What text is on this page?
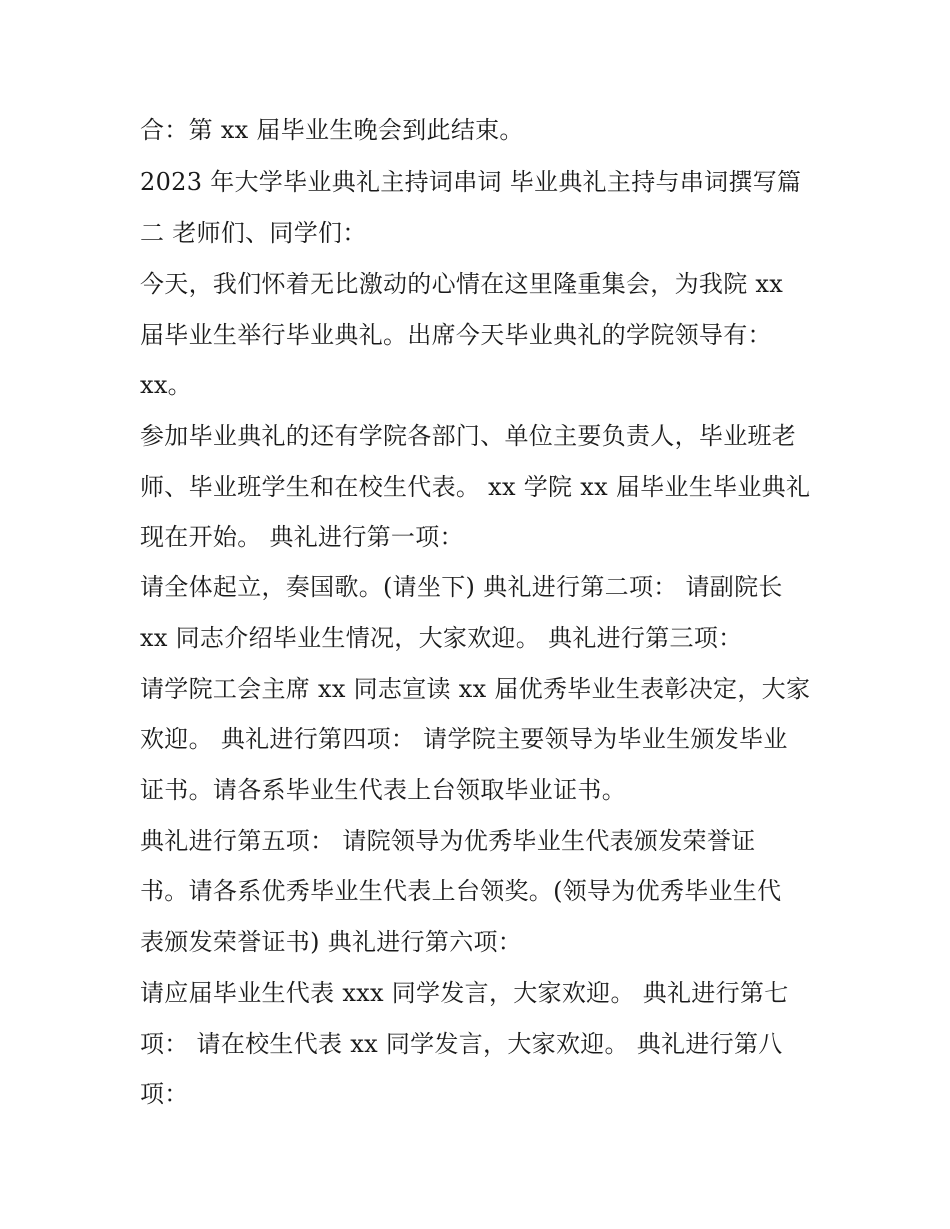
合：第 xx 届毕业生晚会到此结束。
2023 年大学毕业典礼主持词串词 毕业典礼主持与串词撰写篇
二 老师们、同学们：
今天，我们怀着无比激动的心情在这里隆重集会，为我院 xx
届毕业生举行毕业典礼。出席今天毕业典礼的学院领导有：
xx。
参加毕业典礼的还有学院各部门、单位主要负责人，毕业班老
师、毕业班学生和在校生代表。 xx 学院 xx 届毕业生毕业典礼
现在开始。 典礼进行第一项：
请全体起立，奏国歌。(请坐下) 典礼进行第二项： 请副院长
xx 同志介绍毕业生情况，大家欢迎。 典礼进行第三项：
请学院工会主席 xx 同志宣读 xx 届优秀毕业生表彰决定，大家
欢迎。 典礼进行第四项： 请学院主要领导为毕业生颁发毕业
证书。请各系毕业生代表上台领取毕业证书。
典礼进行第五项： 请院领导为优秀毕业生代表颁发荣誉证
书。请各系优秀毕业生代表上台领奖。(领导为优秀毕业生代
表颁发荣誉证书) 典礼进行第六项：
请应届毕业生代表 xxx 同学发言，大家欢迎。 典礼进行第七
项： 请在校生代表 xx 同学发言，大家欢迎。 典礼进行第八
项：
